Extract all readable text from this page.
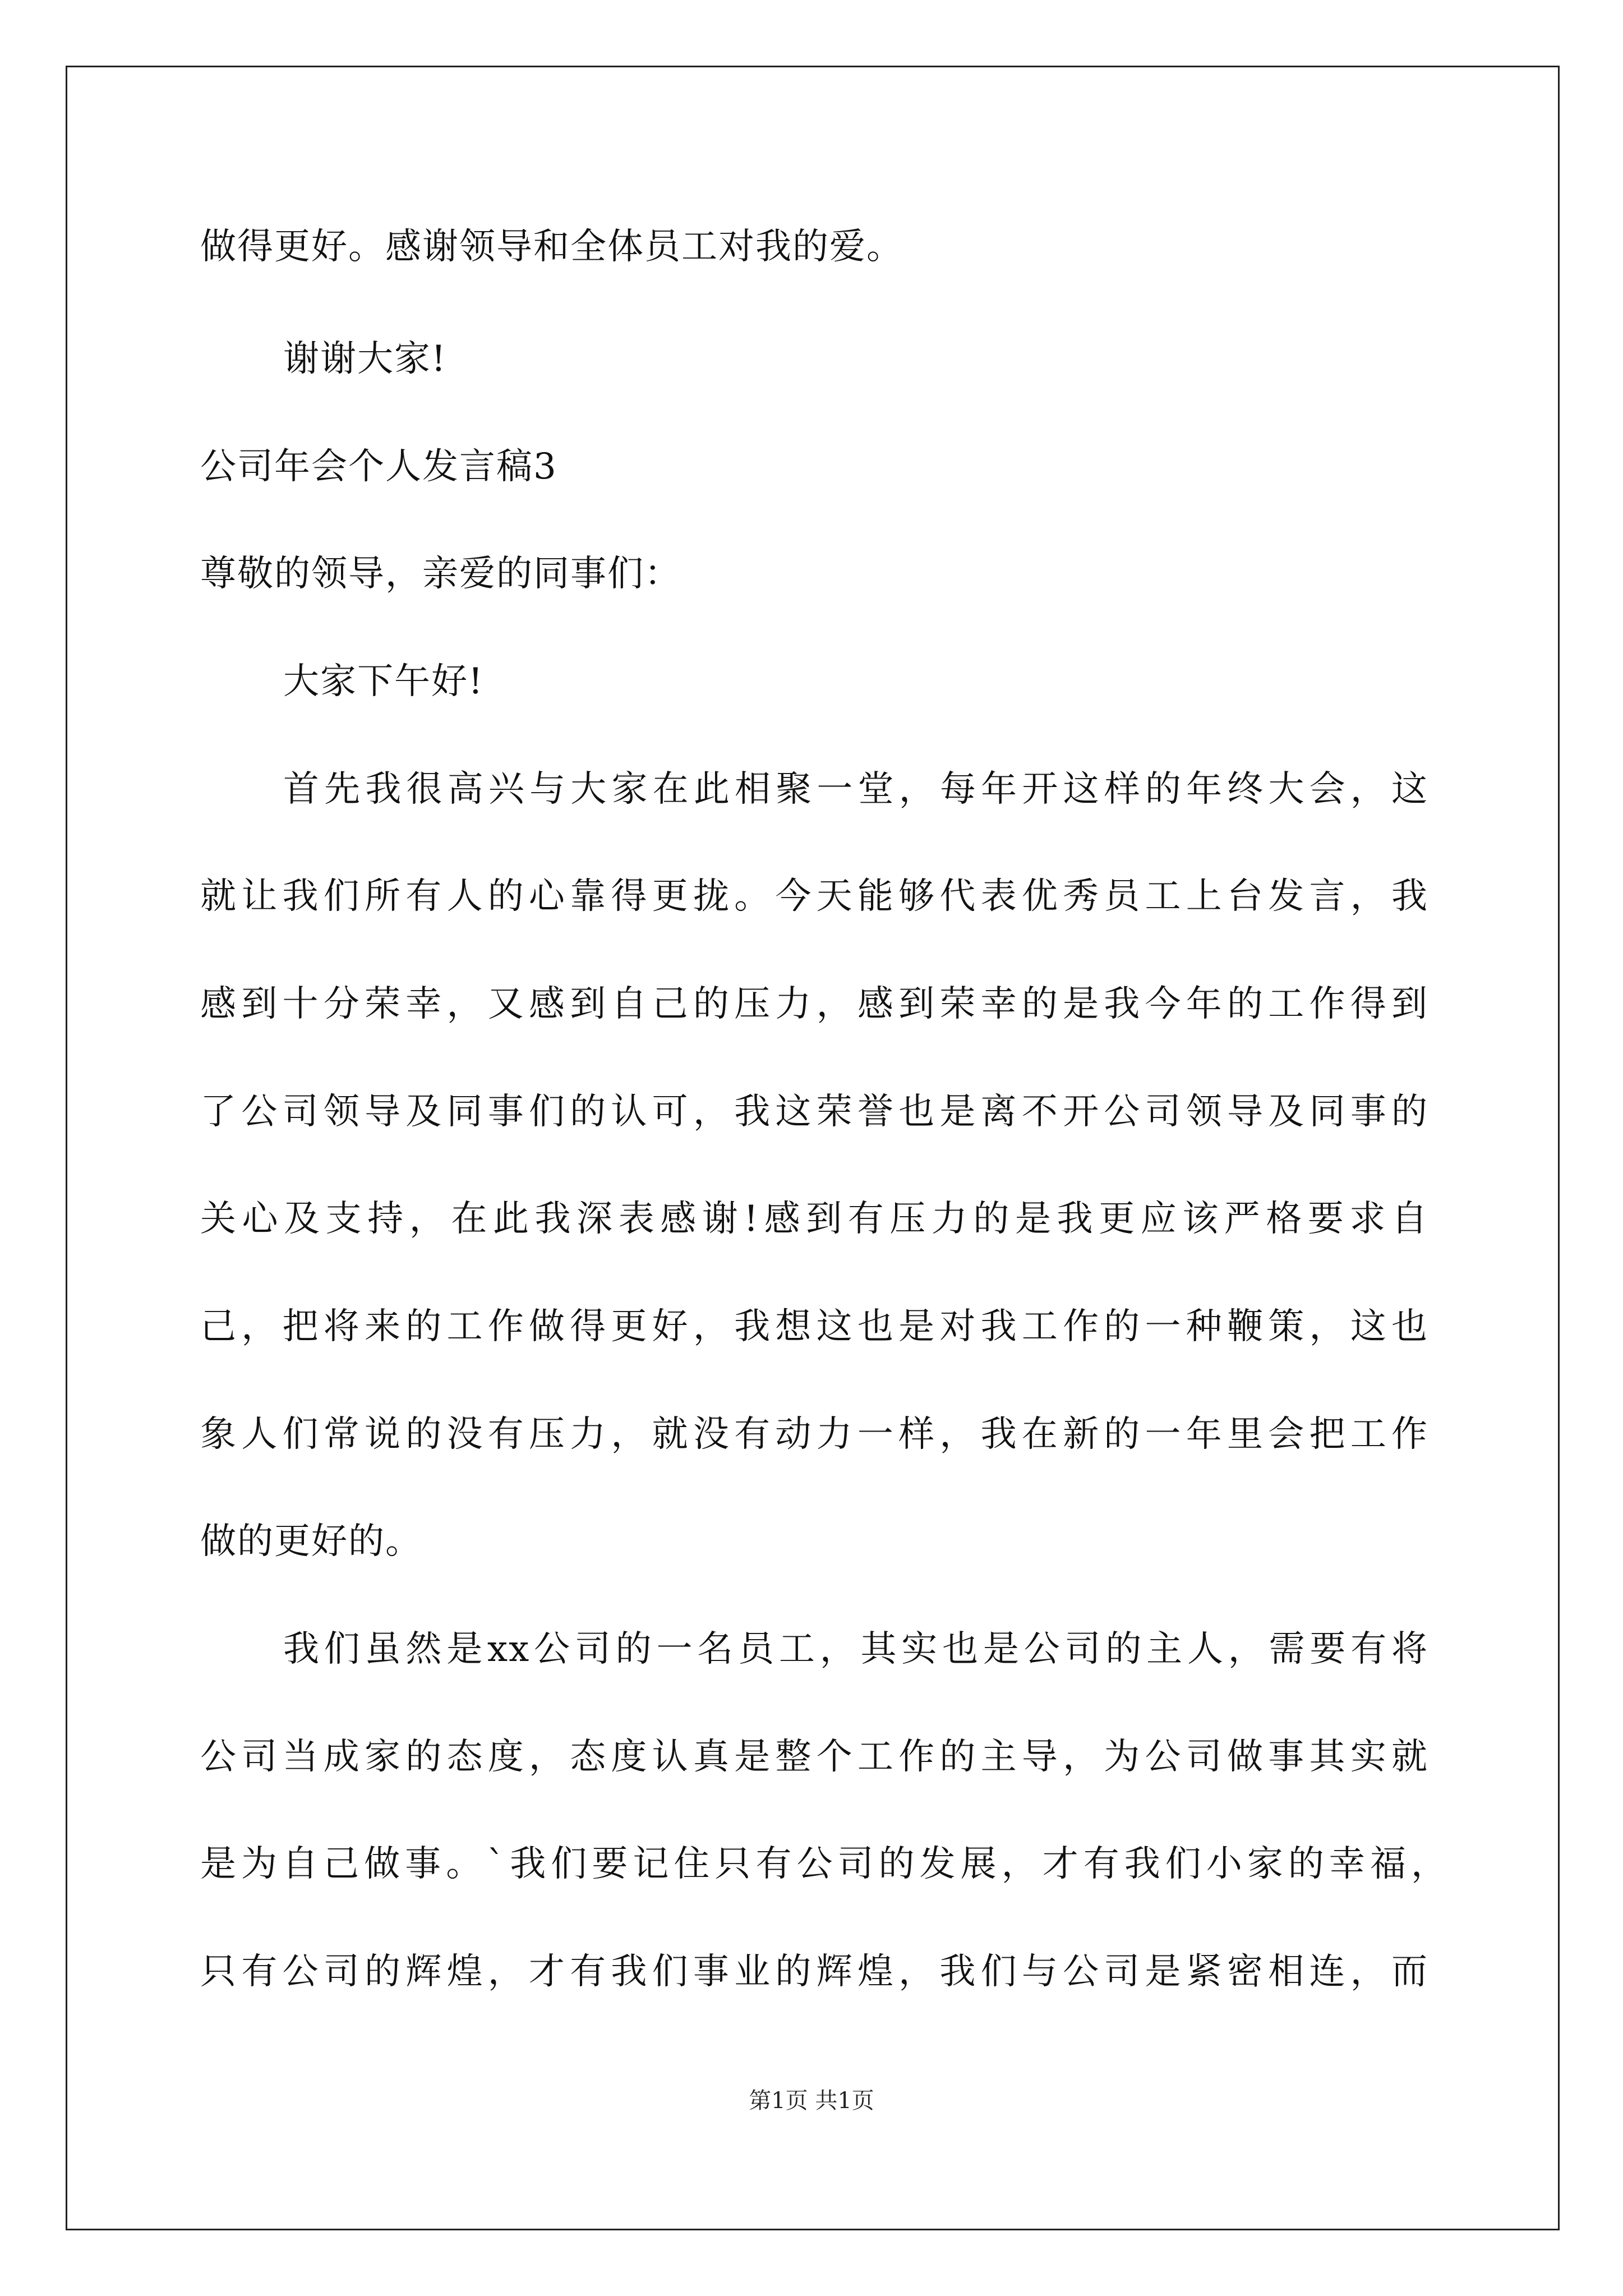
做得更好。感谢领导和全体员工对我的爱。
谢谢大家!
公司年会个人发言稿3
尊敬的领导，亲爱的同事们：
大家下午好!
首先我很高兴与大家在此相聚一堂，每年开这样的年终大会，这
就让我们所有人的心靠得更拢。今天能够代表优秀员工上台发言，我
感到十分荣幸，又感到自己的压力，感到荣幸的是我今年的工作得到
了公司领导及同事们的认可，我这荣誉也是离不开公司领导及同事的
关心及支持，在此我深表感谢!感到有压力的是我更应该严格要求自
己，把将来的工作做得更好，我想这也是对我工作的一种鞭策，这也
象人们常说的没有压力，就没有动力一样，我在新的一年里会把工作
做的更好的。
我们虽然是xx公司的一名员工，其实也是公司的主人，需要有将
公司当成家的态度，态度认真是整个工作的主导，为公司做事其实就
是为自己做事。`我们要记住只有公司的发展，才有我们小家的幸福，
只有公司的辉煌，才有我们事业的辉煌，我们与公司是紧密相连，而
第1页 共1页
